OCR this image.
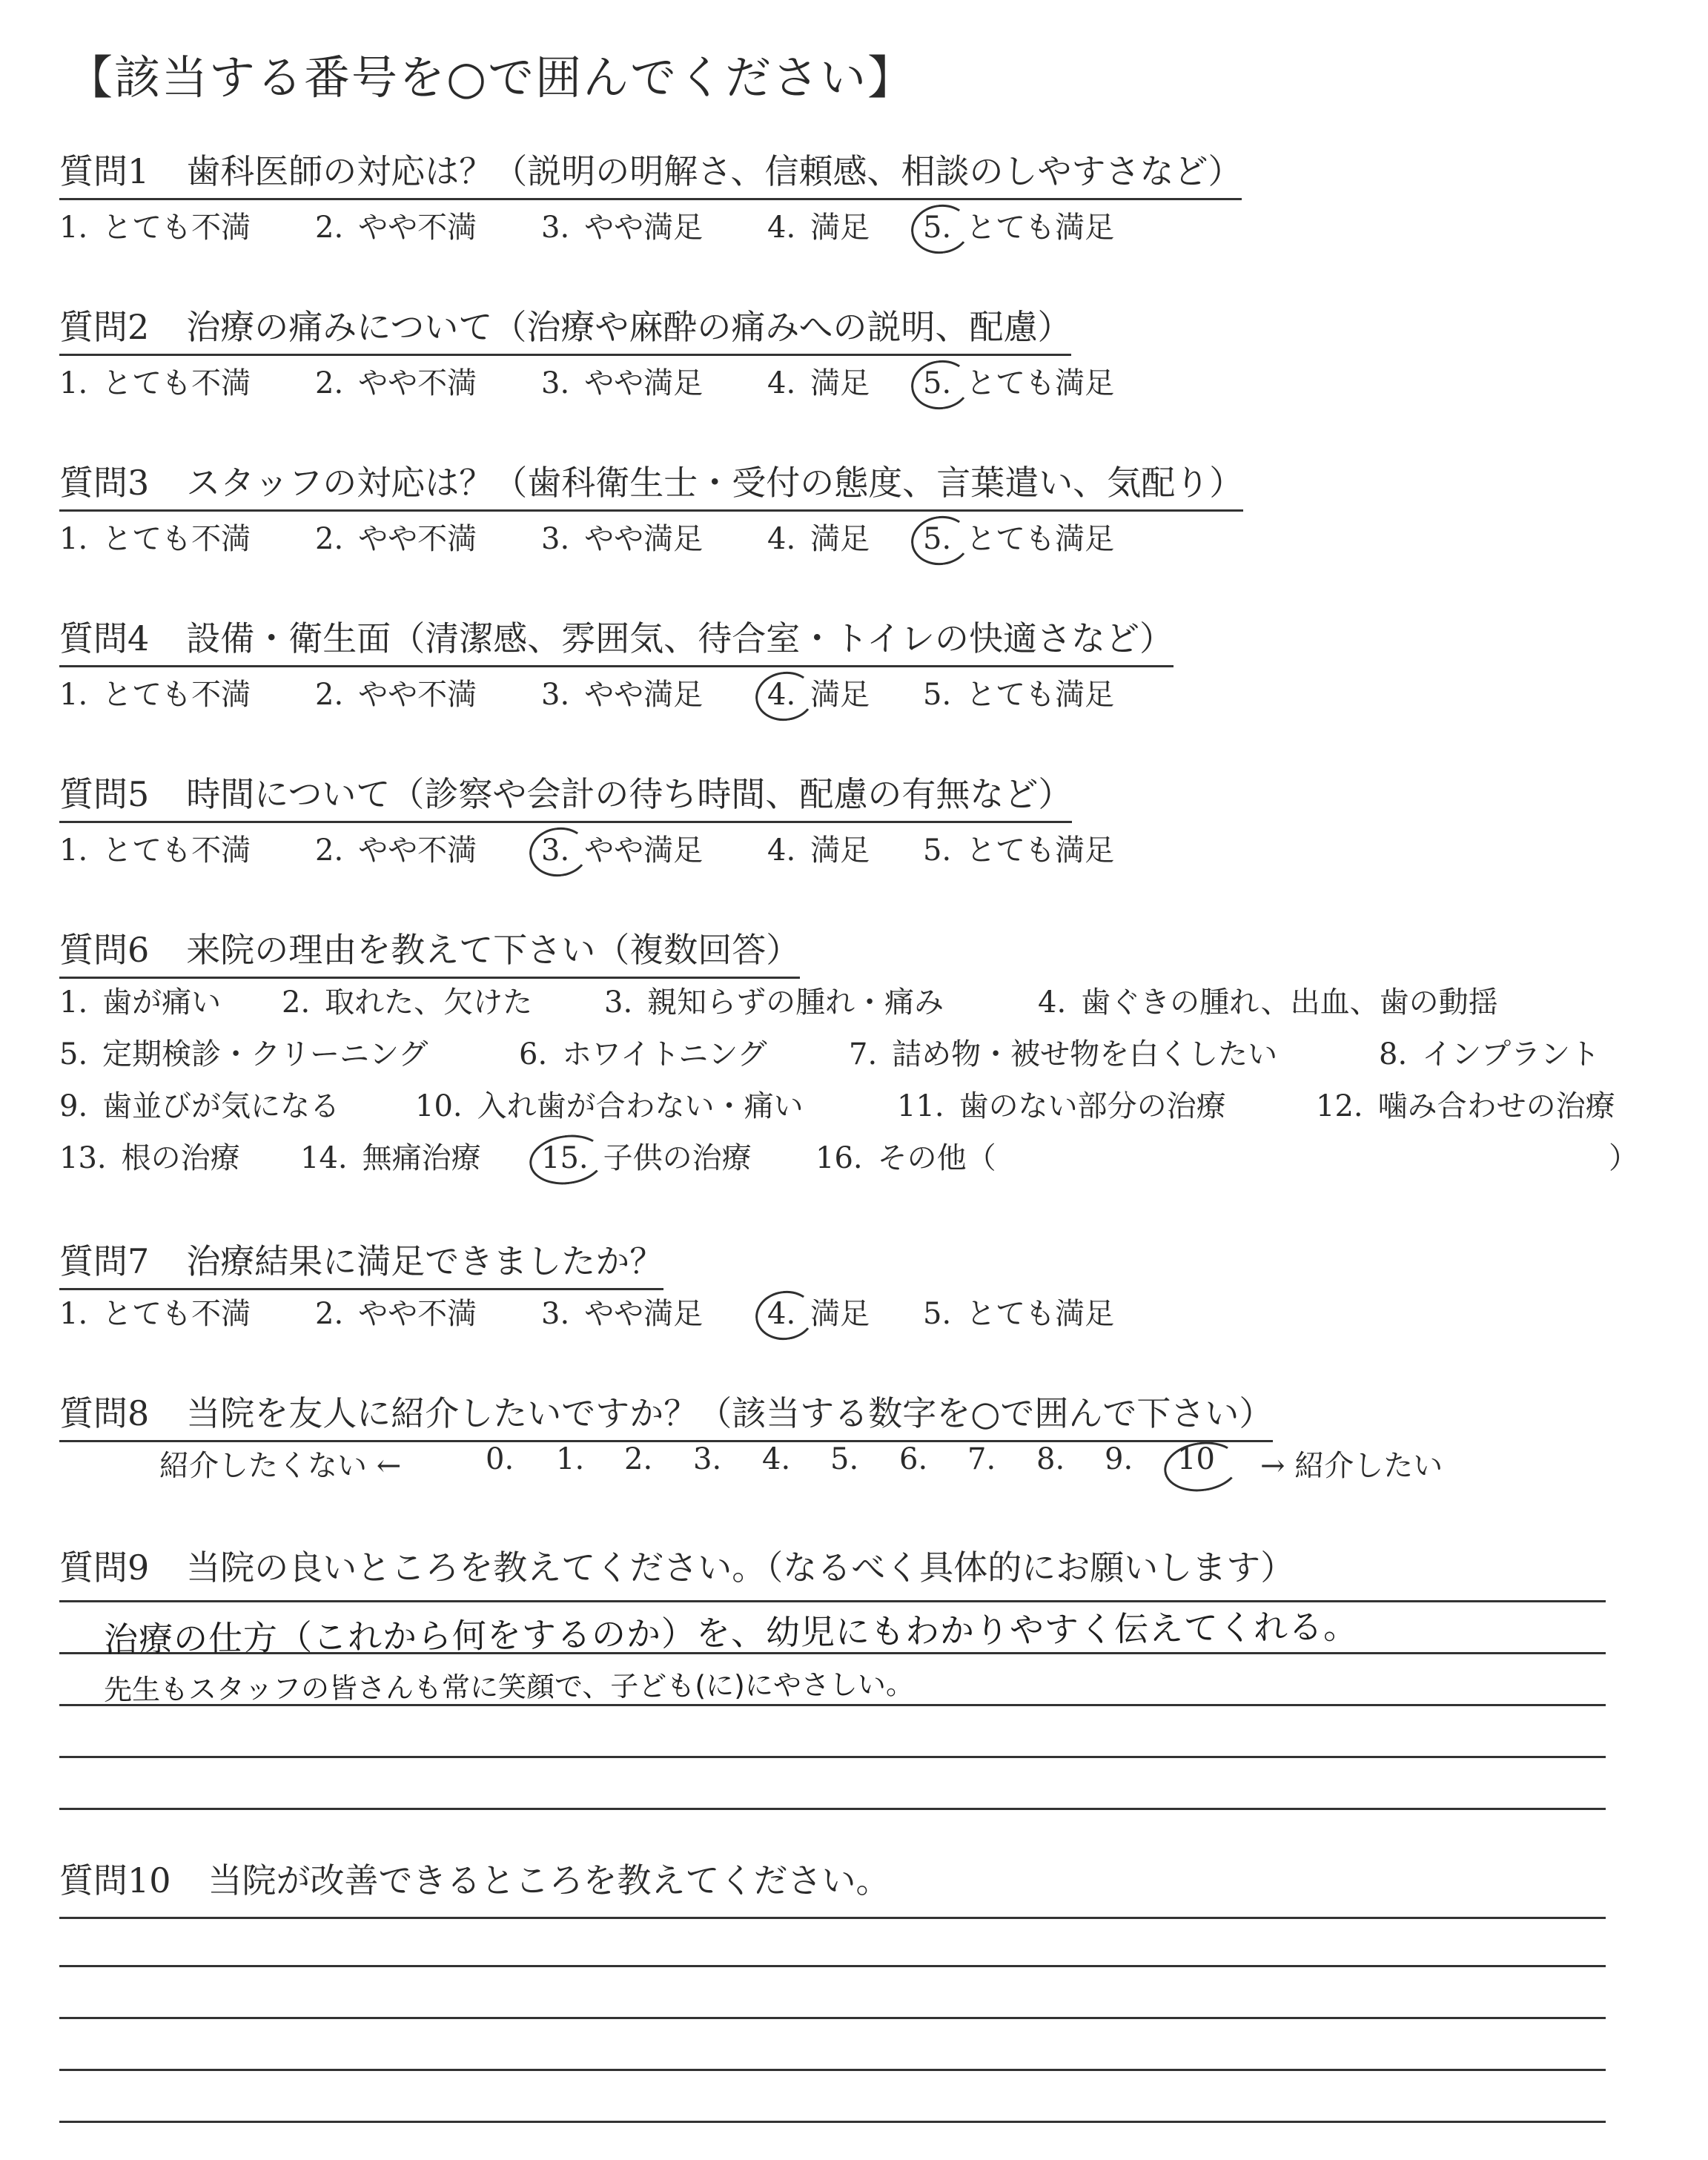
【該当する番号を○で囲んでください】
質問1 歯科医師の対応は？（説明の明解さ、信頼感、相談のしやすさなど）
1. とても不満 2. やや不満 3. やや満足 4. 満足 5. とても満足
質問2 治療の痛みについて（治療や麻酔の痛みへの説明、配慮）
1. とても不満 2. やや不満 3. やや満足 4. 満足 5. とても満足
質問3 スタッフの対応は？（歯科衛生士・受付の態度、言葉遣い、気配り）
1. とても不満 2. やや不満 3. やや満足 4. 満足 5. とても満足
質問4 設備・衛生面（清潔感、雰囲気、待合室・トイレの快適さなど）
1. とても不満 2. やや不満 3. やや満足 4. 満足 5. とても満足
質問5 時間について（診察や会計の待ち時間、配慮の有無など）
1. とても不満 2. やや不満 3. やや満足 4. 満足 5. とても満足
質問6 来院の理由を教えて下さい（複数回答）
1. 歯が痛い 2. 取れた、欠けた 3. 親知らずの腫れ・痛み	4. 歯ぐきの腫れ、出血、歯の動揺
5. 定期検診・クリーニング	6. ホワイトニング	7. 詰め物・被せ物を白くしたい	8. インプラント
9. 歯並びが気になる	10. 入れ歯が合わない・痛い	11. 歯のない部分の治療	12. 噛み合わせの治療
13. 根の治療 14. 無痛治療 15. 子供の治療 16. その他（	）
質問7 治療結果に満足できましたか？
1. とても不満 2. やや不満 3. やや満足 4. 満足 5. とても満足
質問8 当院を友人に紹介したいですか？（該当する数字を○で囲んで下さい）
紹介したくない ←	0. 1. 2. 3. 4. 5. 6. 7. 8. 9. 10 → 紹介したい
質問9 当院の良いところを教えてください。（なるべく具体的にお願いします）
治療の仕方（これから何をするのか）を、幼児にもわかりやすく伝えてくれる。
先生もスタッフの皆さんも常に笑顔で、子ども(に)にやさしい。
質問10 当院が改善できるところを教えてください。
